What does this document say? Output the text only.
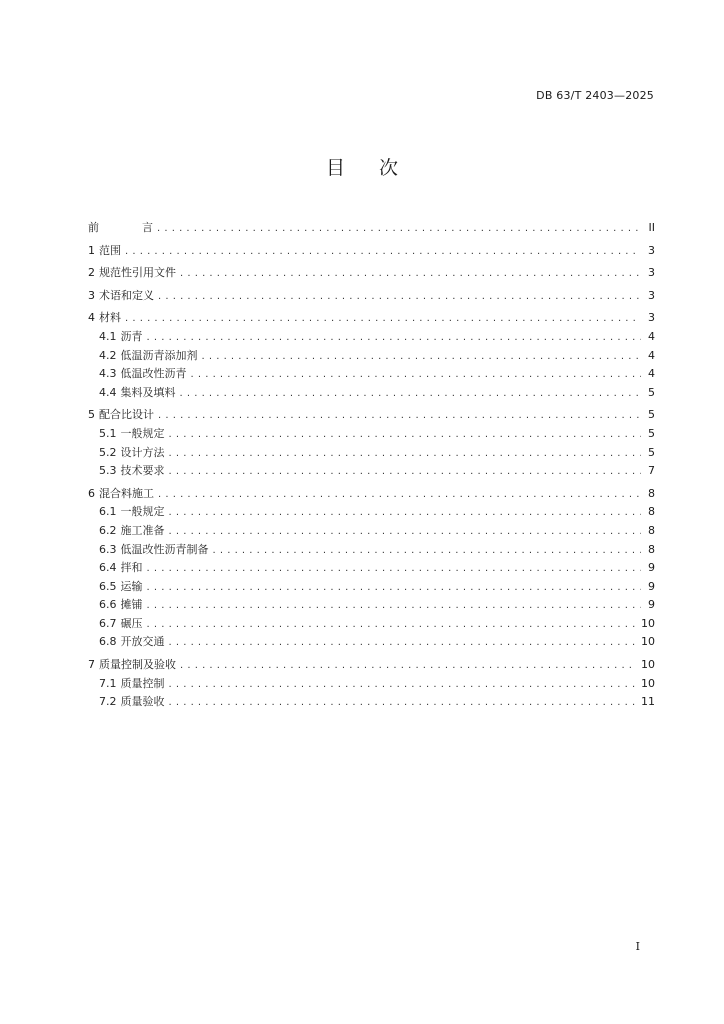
DB 63/T 2403—2025
目次
前	言 . . .	II
1 范围 . . .	3
2 规范性引用文件 . . .	3
3 术语和定义 . . .	3
4 材料 . . .	3
4.1 沥青 . . .	4
4.2 低温沥青添加剂 . . .	4
4.3 低温改性沥青 . . .	4
4.4 集料及填料 . . .	5
5 配合比设计 . . .	5
5.1 一般规定 . . .	5
5.2 设计方法 . . .	5
5.3 技术要求 . . .	7
6 混合料施工 . . .	8
6.1 一般规定 . . .	8
6.2 施工准备 . . .	8
6.3 低温改性沥青制备 . . .	8
6.4 拌和 . . .	9
6.5 运输 . . .	9
6.6 摊铺 . . .	9
6.7 碾压 . . .	10
6.8 开放交通 . . .	10
7 质量控制及验收 . . .	10
7.1 质量控制 . . .	10
7.2 质量验收 . . .	11
I
